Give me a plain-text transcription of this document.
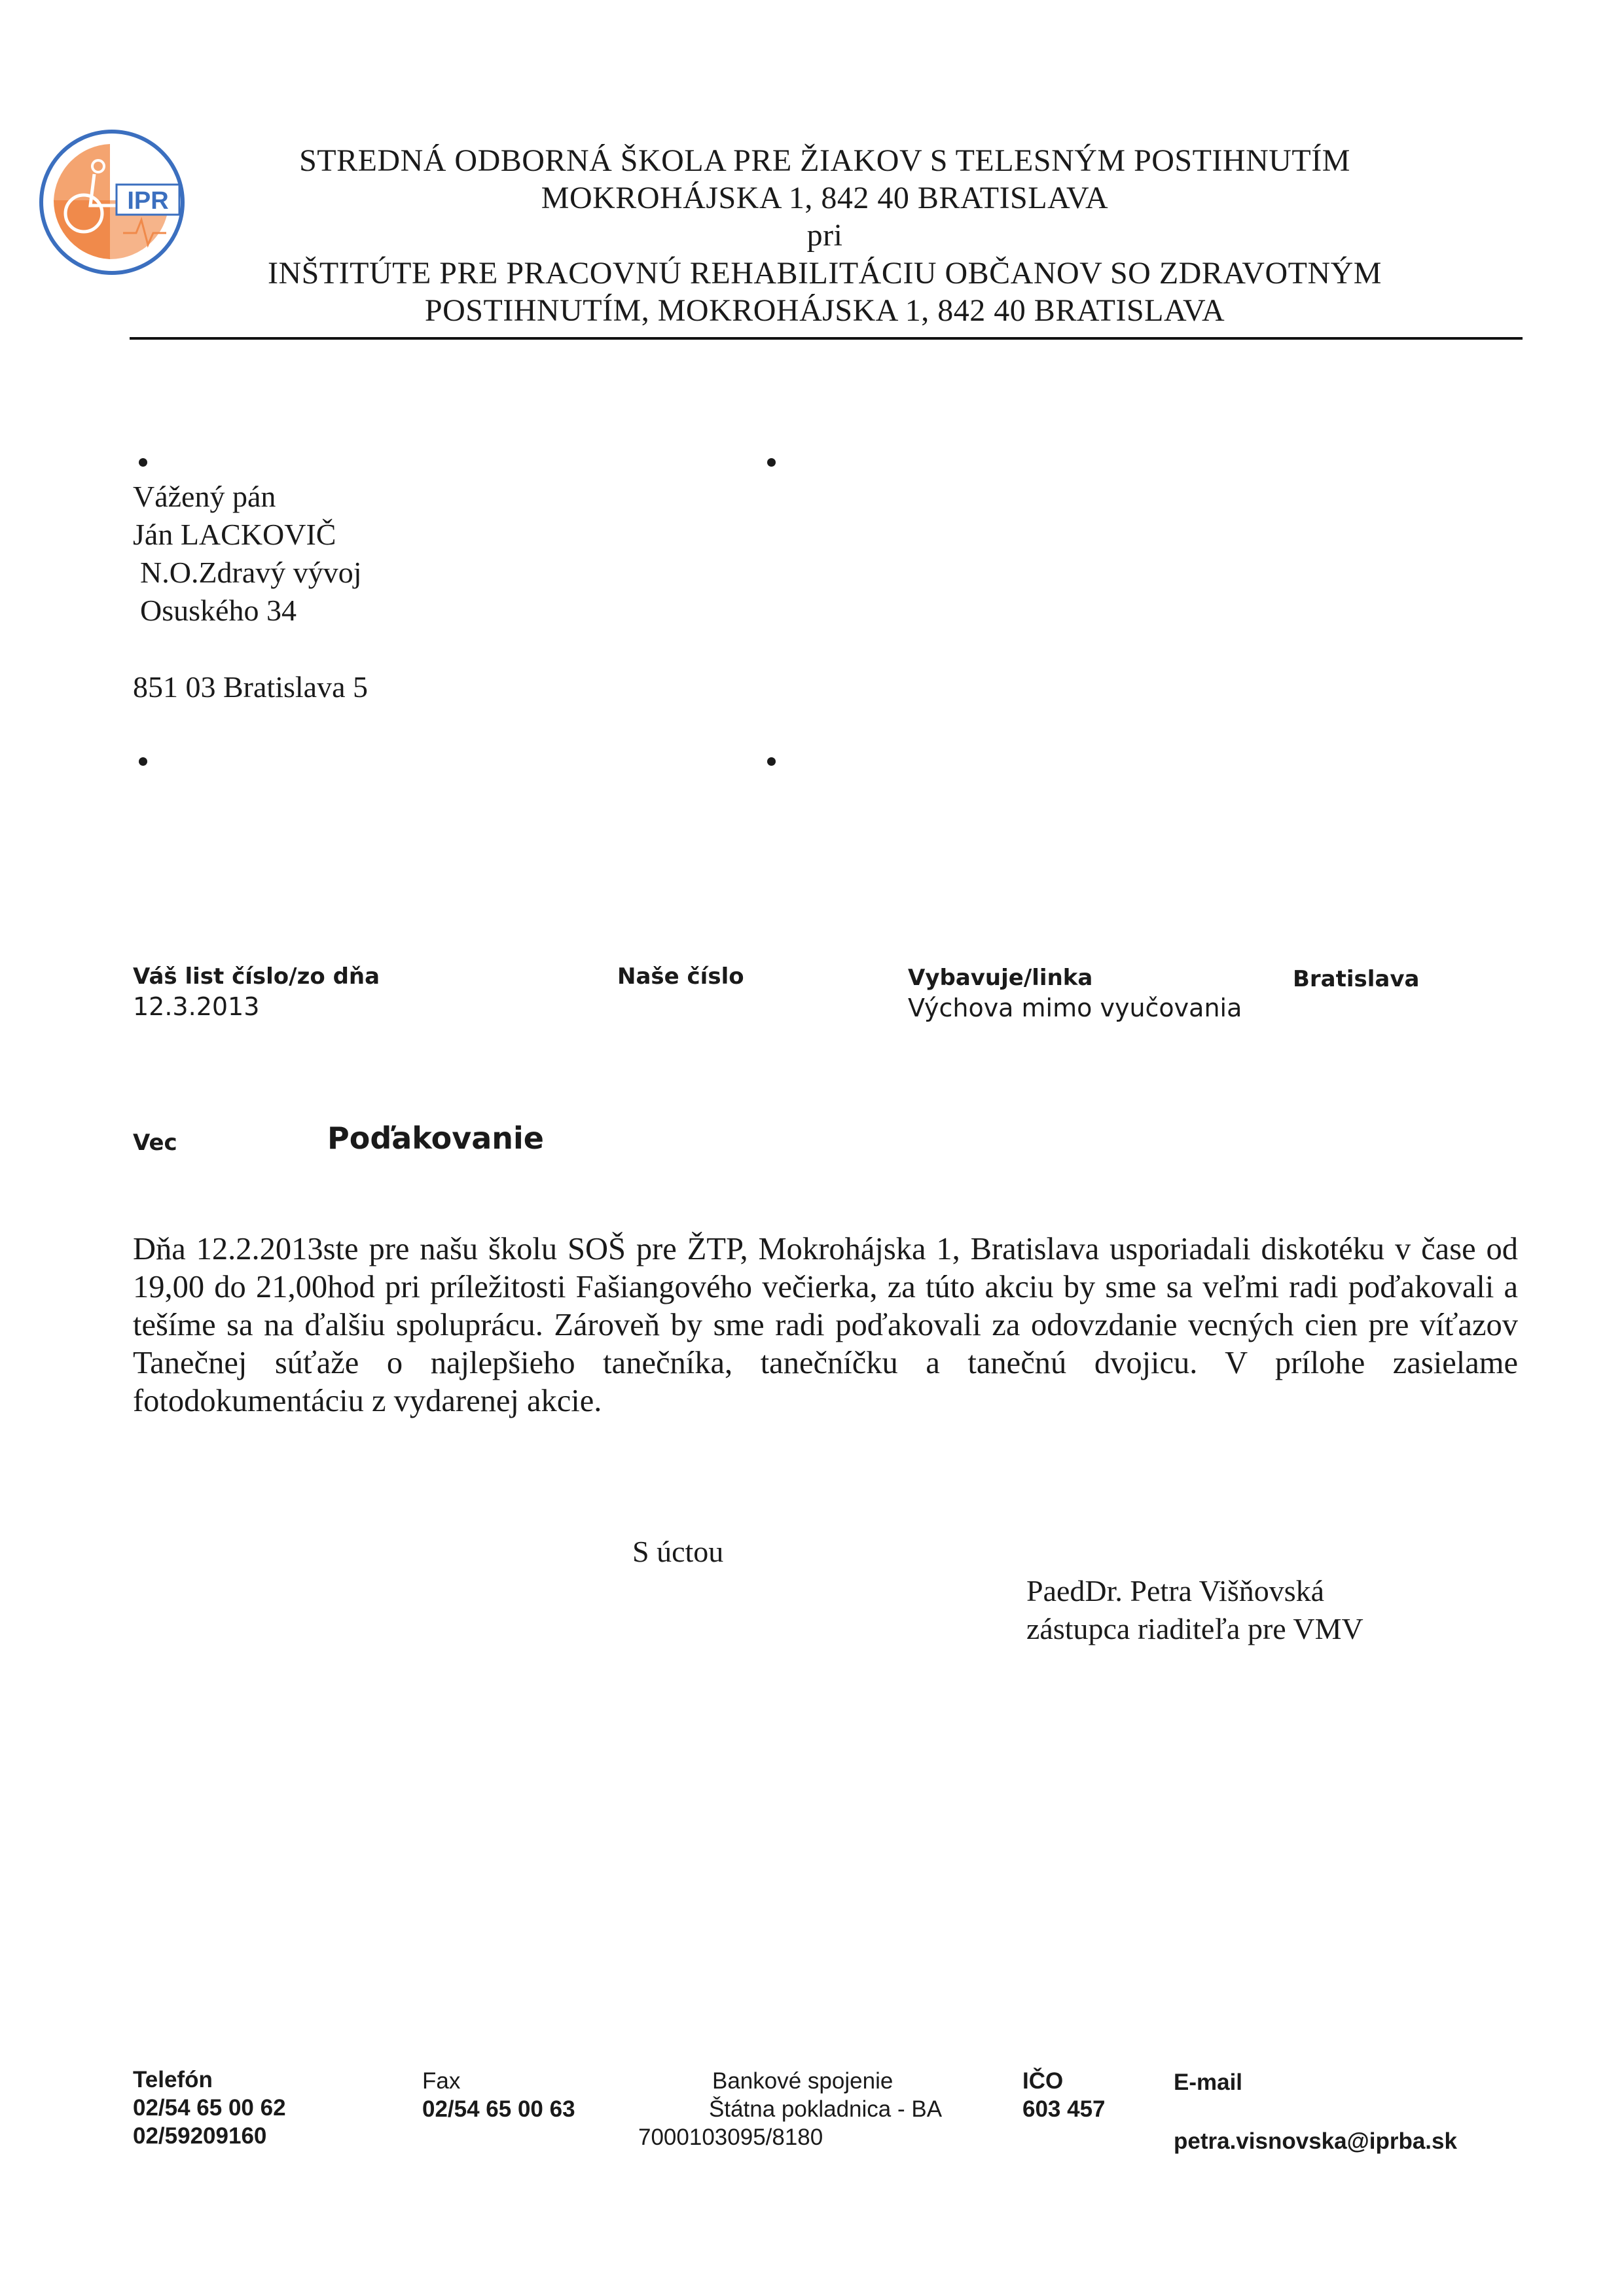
IPR
STREDNÁ ODBORNÁ ŠKOLA PRE ŽIAKOV S TELESNÝM POSTIHNUTÍM
MOKROHÁJSKA 1, 842 40 BRATISLAVA
pri
INŠTITÚTE PRE PRACOVNÚ REHABILITÁCIU OBČANOV SO ZDRAVOTNÝM
POSTIHNUTÍM, MOKROHÁJSKA 1, 842 40 BRATISLAVA
Vážený pán
Ján LACKOVIČ
N.O.Zdravý vývoj
Osuského 34
851 03 Bratislava 5
Váš list číslo/zo dňa
12.3.2013
Naše číslo	Vybavuje/linka
Výchova mimo vyučovania
Bratislava
Vec	Poďakovanie
Dňa 12.2.2013ste pre našu školu SOŠ pre ŽTP, Mokrohájska 1, Bratislava usporiadali diskotéku v čase od 19,00 do 21,00hod pri príležitosti Fašiangového večierka, za túto akciu by sme sa veľmi radi poďakovali a tešíme sa na ďalšiu spoluprácu. Zároveň by sme radi poďakovali za odovzdanie vecných cien pre víťazov Tanečnej súťaže o najlepšieho tanečníka, tanečníčku a tanečnú dvojicu. V prílohe zasielame fotodokumentáciu z vydarenej akcie.
S úctou
PaedDr. Petra Višňovská
zástupca riaditeľa pre VMV
Telefón
02/54 65 00 62
02/59209160
Fax
02/54 65 00 63
Bankové spojenie
Štátna pokladnica - BA
7000103095/8180
IČO
603 457
E-mail
petra.visnovska@iprba.sk
